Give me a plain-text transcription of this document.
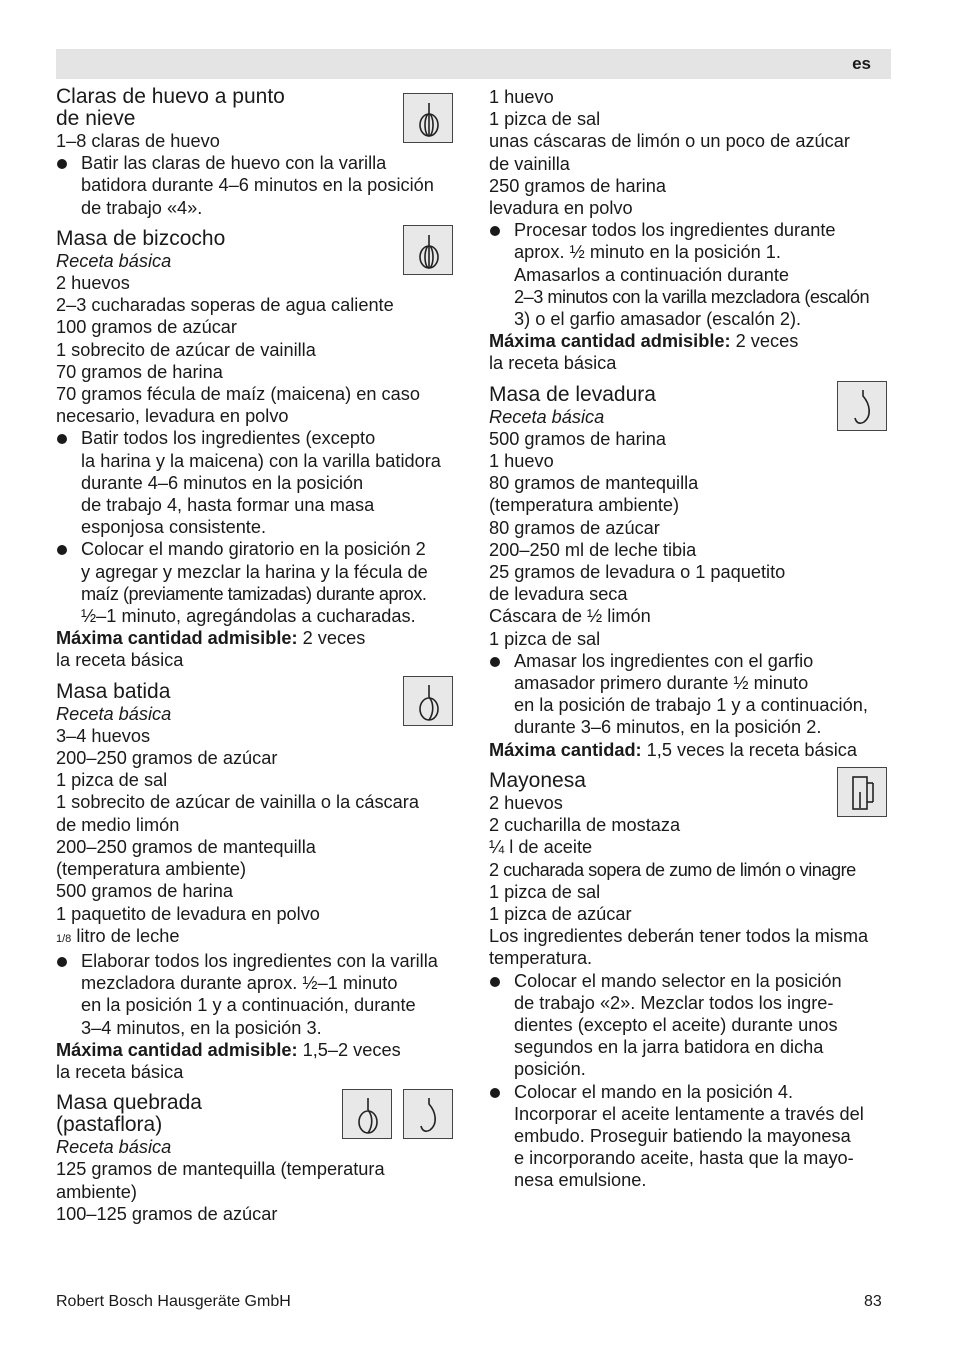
es
Claras de huevo a punto
de nieve
1–8 claras de huevo
Batir las claras de huevo con la varilla
batidora durante 4–6 minutos en la posición
de trabajo «4».
Masa de bizcocho
Receta básica
2 huevos
2–3 cucharadas soperas de agua caliente
100 gramos de azúcar
1 sobrecito de azúcar de vainilla
70 gramos de harina
70 gramos fécula de maíz (maicena) en caso
necesario, levadura en polvo
Batir todos los ingredientes (excepto
la harina y la maicena) con la varilla batidora
durante 4–6 minutos en la posición
de trabajo 4, hasta formar una masa
esponjosa consistente.
Colocar el mando giratorio en la posición 2
y agregar y mezclar la harina y la fécula de
maíz (previamente tamizadas) durante aprox.
½–1 minuto, agregándolas a cucharadas.
Máxima cantidad admisible: 2 veces
la receta básica
Masa batida
Receta básica
3–4 huevos
200–250 gramos de azúcar
1 pizca de sal
1 sobrecito de azúcar de vainilla o la cáscara
de medio limón
200–250 gramos de mantequilla
(temperatura ambiente)
500 gramos de harina
1 paquetito de levadura en polvo
1/8 litro de leche
Elaborar todos los ingredientes con la varilla
mezcladora durante aprox. ½–1 minuto
en la posición 1 y a continuación, durante
3–4 minutos, en la posición 3.
Máxima cantidad admisible: 1,5–2 veces
la receta básica
Masa quebrada
(pastaflora)
Receta básica
125 gramos de mantequilla (temperatura
ambiente)
100–125 gramos de azúcar
1 huevo
1 pizca de sal
unas cáscaras de limón o un poco de azúcar
de vainilla
250 gramos de harina
levadura en polvo
Procesar todos los ingredientes durante
aprox. ½ minuto en la posición 1.
Amasarlos a continuación durante
2–3 minutos con la varilla mezcladora (escalón
3) o el garfio amasador (escalón 2).
Máxima cantidad admisible: 2 veces
la receta básica
Masa de levadura
Receta básica
500 gramos de harina
1 huevo
80 gramos de mantequilla
(temperatura ambiente)
80 gramos de azúcar
200–250 ml de leche tibia
25 gramos de levadura o 1 paquetito
de levadura seca
Cáscara de ½ limón
1 pizca de sal
Amasar los ingredientes con el garfio
amasador primero durante ½ minuto
en la posición de trabajo 1 y a continuación,
durante 3–6 minutos, en la posición 2.
Máxima cantidad: 1,5 veces la receta básica
Mayonesa
2 huevos
2 cucharilla de mostaza
¼ l de aceite
2 cucharada sopera de zumo de limón o vinagre
1 pizca de sal
1 pizca de azúcar
Los ingredientes deberán tener todos la misma
temperatura.
Colocar el mando selector en la posición
de trabajo «2». Mezclar todos los ingre-
dientes (excepto el aceite) durante unos
segundos en la jarra batidora en dicha
posición.
Colocar el mando en la posición 4.
Incorporar el aceite lentamente a través del
embudo. Proseguir batiendo la mayonesa
e incorporando aceite, hasta que la mayo-
nesa emulsione.
Robert Bosch Hausgeräte GmbH	83
